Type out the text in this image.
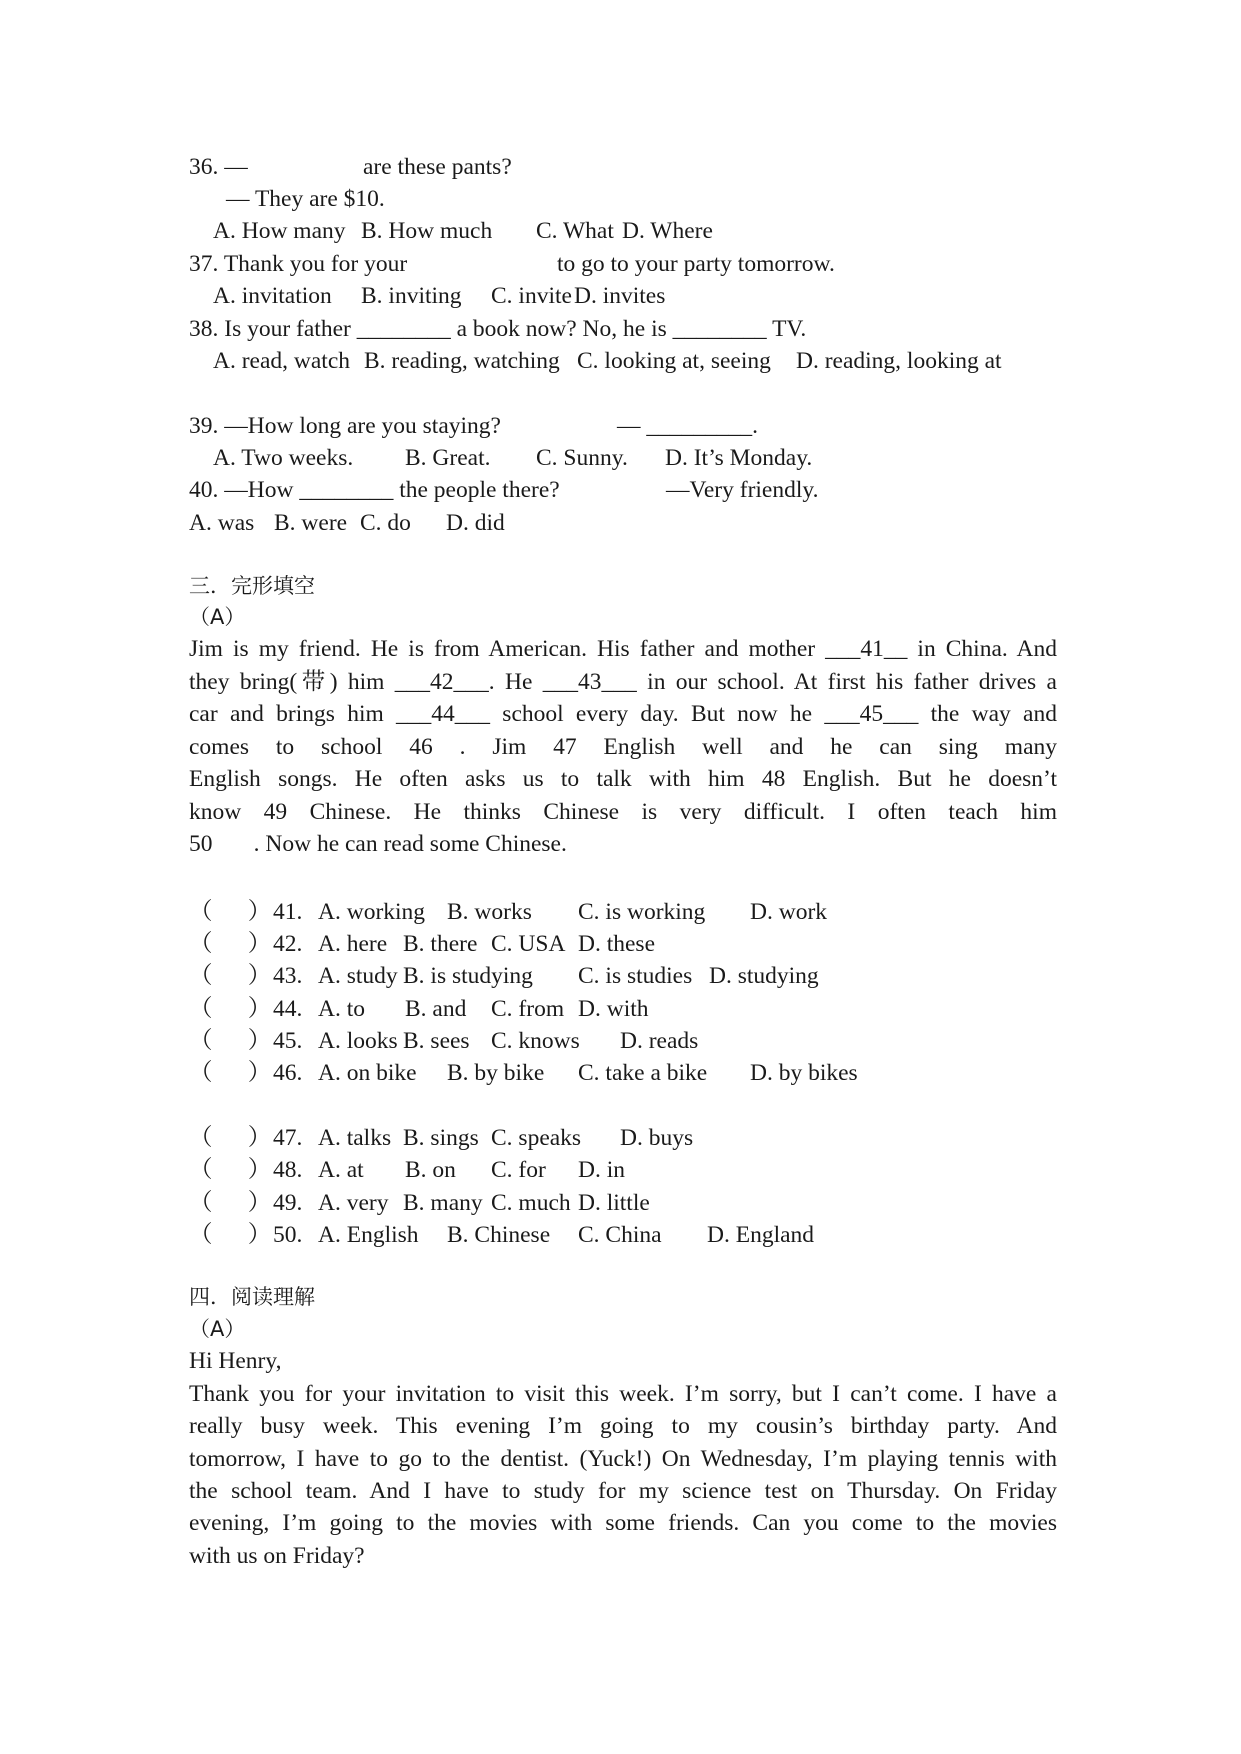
36. —	are these pants?
— They are $10.
A. How many B. How much C. What D. Where
37. Thank you for your	to go to your party tomorrow.
A. invitation B. inviting C. invite D. invites
38. Is your father ________ a book now? No, he is ________ TV.
A. read, watch B. reading, watching C. looking at, seeing D. reading, looking at
39. —How long are you staying?	— _________.
A. Two weeks. B. Great. C. Sunny. D. It’s Monday.
40. —How ________ the people there?	—Very friendly.
A. was B. were C. do D. did
三．完形填空
（A）
Jim is my friend. He is from American. His father and mother ___41__ in China. And
they bring(带) him ___42___. He ___43___ in our school. At first his father drives a
car and brings him ___44___ school every day. But now he ___45___ the way and
comes to school 46 . Jim 47 English well and he can sing many
English songs. He often asks us to talk with him 48 English. But he doesn’t
know 49 Chinese. He thinks Chinese is very difficult. I often teach him
50       . Now he can read some Chinese.
（      ） 41. A. working B. works C. is working D. work
（      ） 42. A. here B. there C. USA D. these
（      ） 43. A. study B. is studying C. is studies D. studying
（      ） 44. A. to B. and C. from D. with
（      ） 45. A. looks B. sees C. knows D. reads
（      ） 46. A. on bike B. by bike C. take a bike D. by bikes
（      ） 47. A. talks B. sings C. speaks D. buys
（      ） 48. A. at B. on C. for D. in
（      ） 49. A. very B. many C. much D. little
（      ） 50. A. English B. Chinese C. China D. England
四．阅读理解
（A）
Hi Henry,
Thank you for your invitation to visit this week. I’m sorry, but I can’t come. I have a
really busy week. This evening I’m going to my cousin’s birthday party. And
tomorrow, I have to go to the dentist. (Yuck!) On Wednesday, I’m playing tennis with
the school team. And I have to study for my science test on Thursday. On Friday
evening, I’m going to the movies with some friends. Can you come to the movies
with us on Friday?
